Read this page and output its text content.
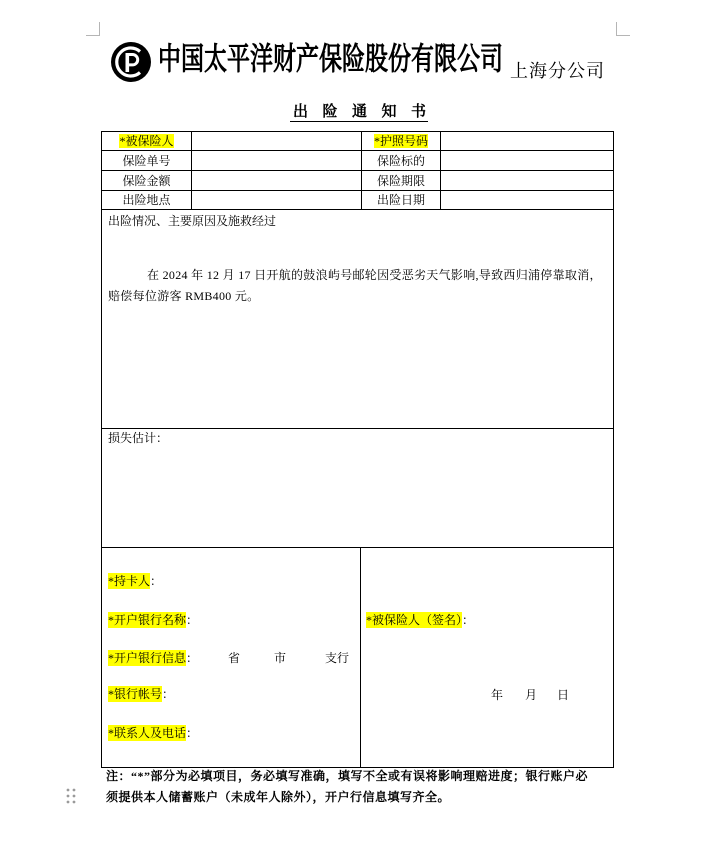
中国太平洋财产保险股份有限公司 上海分公司
出险通知书
*被保险人	*护照号码
保险单号	保险标的
保险金额	保险期限
出险地点	出险日期
出险情况、主要原因及施救经过
在 2024 年 12 月 17 日开航的鼓浪屿号邮轮因受恶劣天气影响,导致西归浦停靠取消，
赔偿每位游客 RMB400 元。
损失估计：
*持卡人：
*开户银行名称：
*开户银行信息： 省	市	支行
*银行帐号：
*联系人及电话：
*被保险人（签名）：
年 月 日
注：“*”部分为必填项目，务必填写准确，填写不全或有误将影响理赔进度；银行账户必
须提供本人储蓄账户（未成年人除外），开户行信息填写齐全。
